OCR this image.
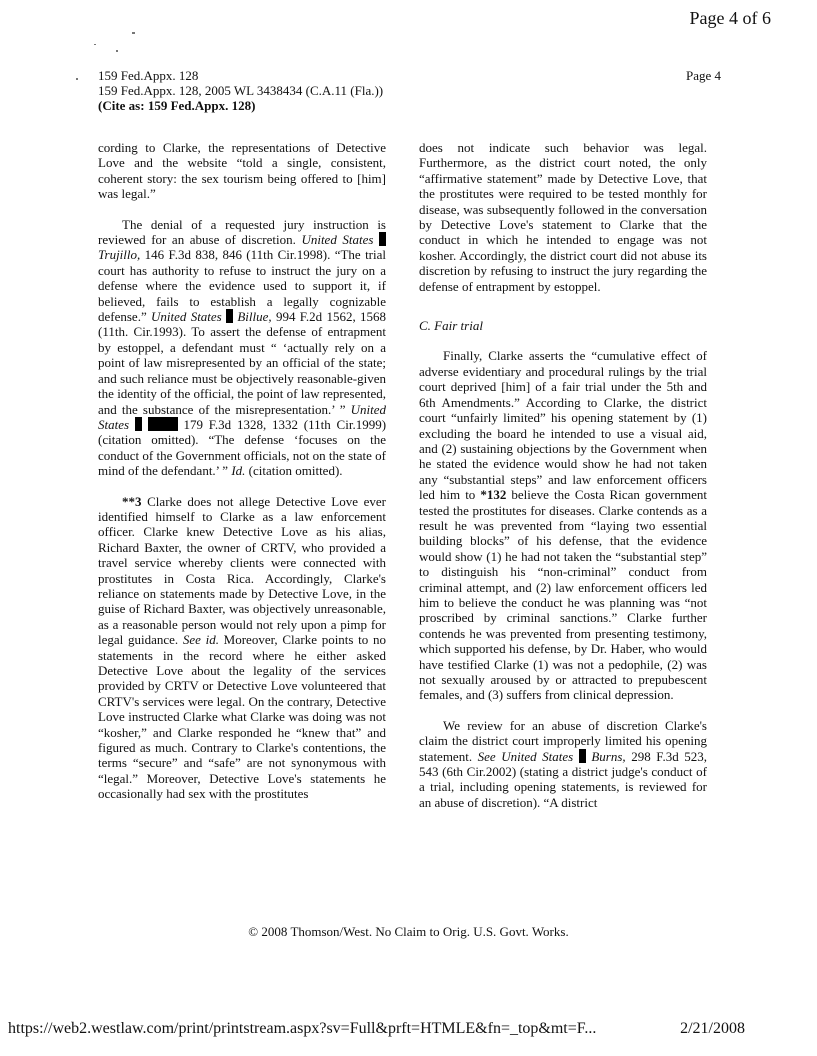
Page 4 of 6
159 Fed.Appx. 128
159 Fed.Appx. 128, 2005 WL 3438434 (C.A.11 (Fla.))
(Cite as: 159 Fed.Appx. 128)
Page 4

cording to Clarke, the representations of Detective Love and the website “told a single, consistent, coherent story: the sex tourism being offered to [him] was legal.”

The denial of a requested jury instruction is reviewed for an abuse of discretion. United States  Trujillo, 146 F.3d 838, 846 (11th Cir.1998). “The trial court has authority to refuse to instruct the jury on a defense where the evidence used to support it, if believed, fails to establish a legally cognizable defense.” United States Billue, 994 F.2d 1562, 1568 (11th. Cir.1993). To assert the defense of entrapment by estoppel, a defendant must “ ‘actually rely on a point of law misrepresented by an official of the state; and such reliance must be objectively reasonable-given the identity of the official, the point of law represented, and the substance of the misrepresentation.’ ” United States	179 F.3d 1328, 1332 (11th Cir.1999) (citation omitted). “The defense ‘focuses on the conduct of the Government officials, not on the state of mind of the defendant.’ ” Id. (citation omitted).

**3 Clarke does not allege Detective Love ever identified himself to Clarke as a law enforcement officer. Clarke knew Detective Love as his alias, Richard Baxter, the owner of CRTV, who provided a travel service whereby clients were connected with prostitutes in Costa Rica. Accordingly, Clarke's reliance on statements made by Detective Love, in the guise of Richard Baxter, was objectively unreasonable, as a reasonable person would not rely upon a pimp for legal guidance. See id. Moreover, Clarke points to no statements in the record where he either asked Detective Love about the legality of the services provided by CRTV or Detective Love volunteered that CRTV's services were legal. On the contrary, Detective Love instructed Clarke what Clarke was doing was not “kosher,” and Clarke responded he “knew that” and figured as much. Contrary to Clarke's contentions, the terms “secure” and “safe” are not synonymous with “legal.” Moreover, Detective Love's statements he occasionally had sex with the prostitutes

does not indicate such behavior was legal. Furthermore, as the district court noted, the only “affirmative statement” made by Detective Love, that the prostitutes were required to be tested monthly for disease, was subsequently followed in the conversation by Detective Love's statement to Clarke that the conduct in which he intended to engage was not kosher. Accordingly, the district court did not abuse its discretion by refusing to instruct the jury regarding the defense of entrapment by estoppel.

C. Fair trial

Finally, Clarke asserts the “cumulative effect of adverse evidentiary and procedural rulings by the trial court deprived [him] of a fair trial under the 5th and 6th Amendments.” According to Clarke, the district court “unfairly limited” his opening statement by (1) excluding the board he intended to use a visual aid, and (2) sustaining objections by the Government when he stated the evidence would show he had not taken any “substantial steps” and law enforcement officers led him to *132 believe the Costa Rican government tested the prostitutes for diseases. Clarke contends as a result he was prevented from “laying two essential building blocks” of his defense, that the evidence would show (1) he had not taken the “substantial step” to distinguish his “non-criminal” conduct from criminal attempt, and (2) law enforcement officers led him to believe the conduct he was planning was “not proscribed by criminal sanctions.” Clarke further contends he was prevented from presenting testimony, which supported his defense, by Dr. Haber, who would have testified Clarke (1) was not a pedophile, (2) was not sexually aroused by or attracted to prepubescent females, and (3) suffers from clinical depression.

We review for an abuse of discretion Clarke's claim the district court improperly limited his opening statement. See United States Burns, 298 F.3d 523, 543 (6th Cir.2002) (stating a district judge's conduct of a trial, including opening statements, is reviewed for an abuse of discretion). “A district

© 2008 Thomson/West. No Claim to Orig. U.S. Govt. Works.
https://web2.westlaw.com/print/printstream.aspx?sv=Full&prft=HTMLE&fn=_top&mt=F...	2/21/2008
